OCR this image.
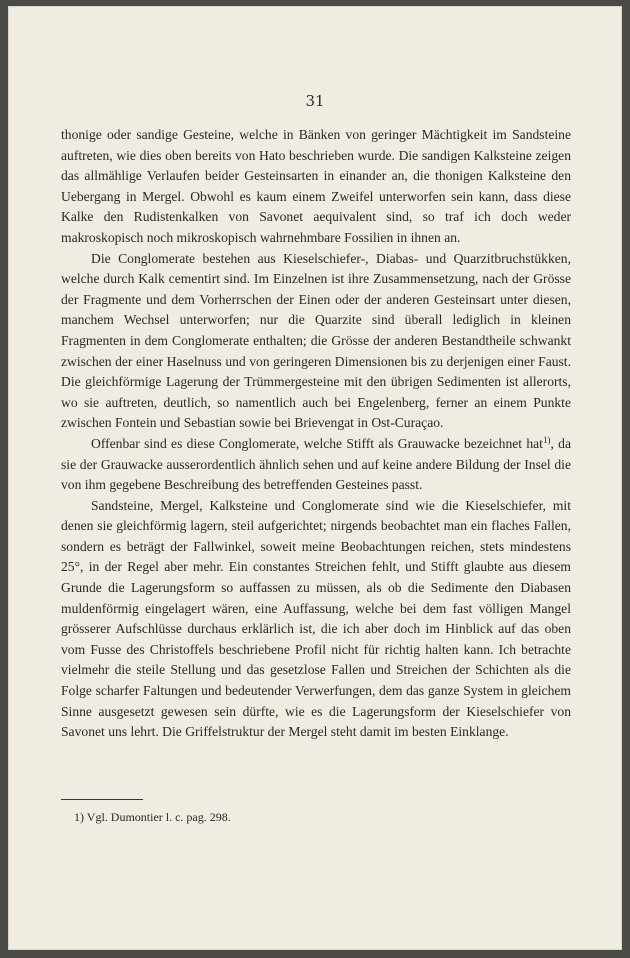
31

thonige oder sandige Gesteine, welche in Bänken von geringer Mächtigkeit im Sandsteine auftreten, wie dies oben bereits von Hato beschrieben wurde. Die sandigen Kalksteine zeigen das allmählige Verlaufen beider Gesteinsarten in einander an, die thonigen Kalksteine den Uebergang in Mergel. Obwohl es kaum einem Zweifel unterworfen sein kann, dass diese Kalke den Rudistenkalken von Savonet aequivalent sind, so traf ich doch weder makroskopisch noch mikroskopisch wahrnehmbare Fossilien in ihnen an.

Die Conglomerate bestehen aus Kieselschiefer-, Diabas- und Quarzitbruchstükken, welche durch Kalk cementirt sind. Im Einzelnen ist ihre Zusammensetzung, nach der Grösse der Fragmente und dem Vorherrschen der Einen oder der anderen Gesteinsart unter diesen, manchem Wechsel unterworfen; nur die Quarzite sind überall lediglich in kleinen Fragmenten in dem Conglomerate enthalten; die Grösse der anderen Bestandtheile schwankt zwischen der einer Haselnuss und von geringeren Dimensionen bis zu derjenigen einer Faust. Die gleichförmige Lagerung der Trümmergesteine mit den übrigen Sedimenten ist allerorts, wo sie auftreten, deutlich, so namentlich auch bei Engelenberg, ferner an einem Punkte zwischen Fontein und Sebastian sowie bei Brievengat in Ost-Curaçao.

Offenbar sind es diese Conglomerate, welche Stifft als Grauwacke bezeichnet hat$^{1)}$, da sie der Grauwacke ausserordentlich ähnlich sehen und auf keine andere Bildung der Insel die von ihm gegebene Beschreibung des betreffenden Gesteines passt.

Sandsteine, Mergel, Kalksteine und Conglomerate sind wie die Kieselschiefer, mit denen sie gleichförmig lagern, steil aufgerichtet; nirgends beobachtet man ein flaches Fallen, sondern es beträgt der Fallwinkel, soweit meine Beobachtungen reichen, stets mindestens 25°, in der Regel aber mehr. Ein constantes Streichen fehlt, und Stifft glaubte aus diesem Grunde die Lagerungsform so auffassen zu müssen, als ob die Sedimente den Diabasen muldenförmig eingelagert wären, eine Auffassung, welche bei dem fast völligen Mangel grösserer Aufschlüsse durchaus erklärlich ist, die ich aber doch im Hinblick auf das oben vom Fusse des Christoffels beschriebene Profil nicht für richtig halten kann. Ich betrachte vielmehr die steile Stellung und das gesetzlose Fallen und Streichen der Schichten als die Folge scharfer Faltungen und bedeutender Verwerfungen, dem das ganze System in gleichem Sinne ausgesetzt gewesen sein dürfte, wie es die Lagerungsform der Kieselschiefer von Savonet uns lehrt. Die Griffelstruktur der Mergel steht damit im besten Einklange.

1) Vgl. Dumontier l. c. pag. 298.
